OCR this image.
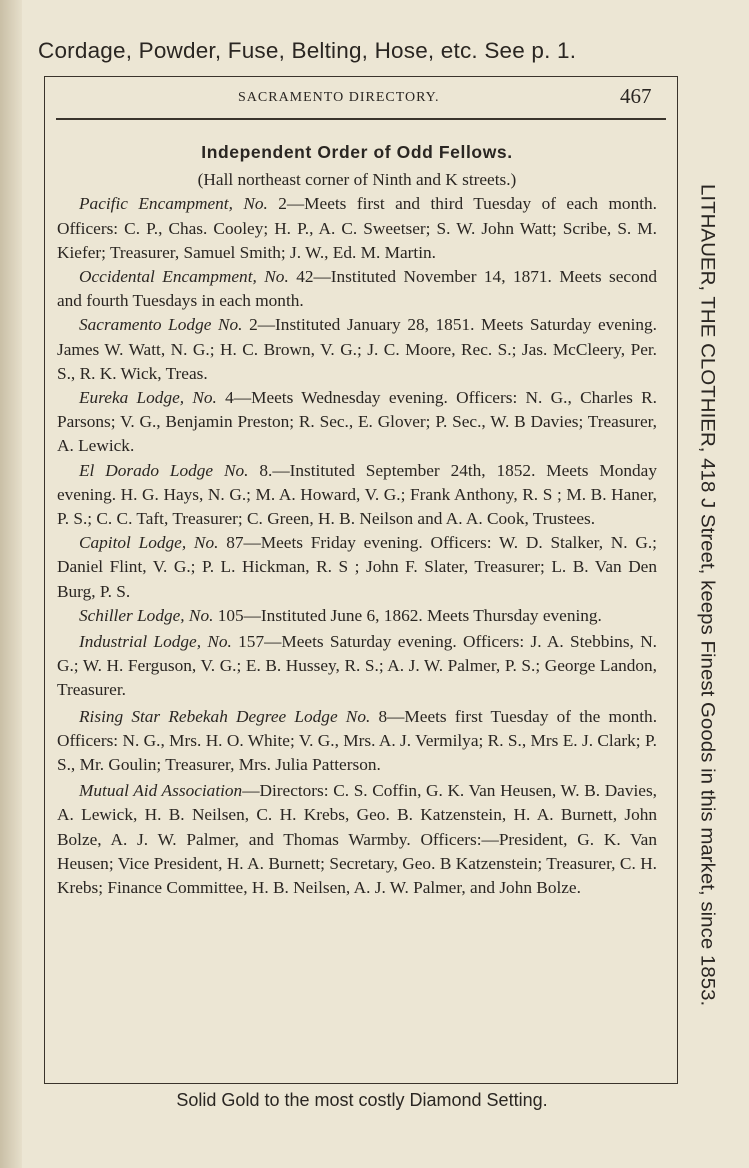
Cordage, Powder, Fuse, Belting, Hose, etc. See p. 1.
LITHAUER, THE CLOTHIER, 418 J Street, keeps Finest Goods in this market, since 1853.
SACRAMENTO DIRECTORY.	467
Independent Order of Odd Fellows.
(Hall northeast corner of Ninth and K streets.)

Pacific Encampment, No. 2—Meets first and third Tuesday of each month. Officers: C. P., Chas. Cooley; H. P., A. C. Sweetser; S. W. John Watt; Scribe, S. M. Kiefer; Treasurer, Samuel Smith; J. W., Ed. M. Martin.

Occidental Encampment, No. 42—Instituted November 14, 1871. Meets second and fourth Tuesdays in each month.

Sacramento Lodge No. 2—Instituted January 28, 1851. Meets Saturday evening. James W. Watt, N. G.; H. C. Brown, V. G.; J. C. Moore, Rec. S.; Jas. McCleery, Per. S., R. K. Wick, Treas.

Eureka Lodge, No. 4—Meets Wednesday evening. Officers: N. G., Charles R. Parsons; V. G., Benjamin Preston; R. Sec., E. Glover; P. Sec., W. B Davies; Treasurer, A. Lewick.

El Dorado Lodge No. 8.—Instituted September 24th, 1852. Meets Monday evening. H. G. Hays, N. G.; M. A. Howard, V. G.; Frank Anthony, R. S ; M. B. Haner, P. S.; C. C. Taft, Treasurer; C. Green, H. B. Neilson and A. A. Cook, Trustees.

Capitol Lodge, No. 87—Meets Friday evening. Officers: W. D. Stalker, N. G.; Daniel Flint, V. G.; P. L. Hickman, R. S ; John F. Slater, Treasurer; L. B. Van Den Burg, P. S.

Schiller Lodge, No. 105—Instituted June 6, 1862. Meets Thursday evening.

Industrial Lodge, No. 157—Meets Saturday evening. Officers: J. A. Stebbins, N. G.; W. H. Ferguson, V. G.; E. B. Hussey, R. S.; A. J. W. Palmer, P. S.; George Landon, Treasurer.

Rising Star Rebekah Degree Lodge No. 8—Meets first Tuesday of the month. Officers: N. G., Mrs. H. O. White; V. G., Mrs. A. J. Vermilya; R. S., Mrs E. J. Clark; P. S., Mr. Goulin; Treasurer, Mrs. Julia Patterson.

Mutual Aid Association—Directors: C. S. Coffin, G. K. Van Heusen, W. B. Davies, A. Lewick, H. B. Neilsen, C. H. Krebs, Geo. B. Katzenstein, H. A. Burnett, John Bolze, A. J. W. Palmer, and Thomas Warmby. Officers:—President, G. K. Van Heusen; Vice President, H. A. Burnett; Secretary, Geo. B Katzenstein; Treasurer, C. H. Krebs; Finance Committee, H. B. Neilsen, A. J. W. Palmer, and John Bolze.

Solid Gold to the most costly Diamond Setting.
